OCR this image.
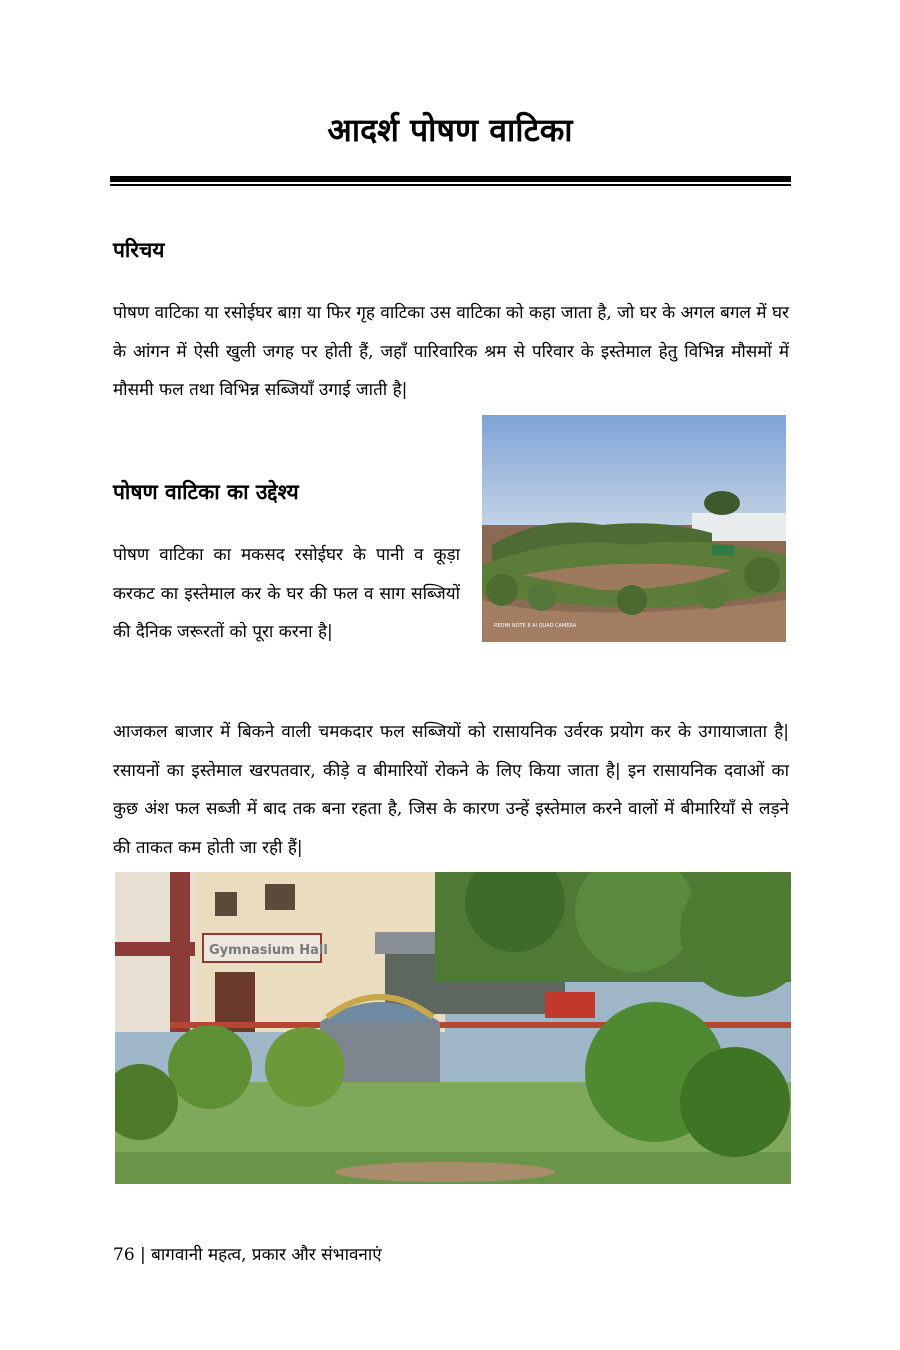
आदर्श पोषण वाटिका
परिचय

पोषण वाटिका या रसोईघर बाग़ या फिर गृह वाटिका उस वाटिका को कहा जाता है, जो घर के अगल बगल में घर के आंगन में ऐसी खुली जगह पर होती हैं, जहाँ पारिवारिक श्रम से परिवार के इस्तेमाल हेतु विभिन्न मौसमों में मौसमी फल तथा विभिन्न सब्जियाँ उगाई जाती है|

पोषण वाटिका का उद्देश्य

पोषण वाटिका का मकसद रसोईघर के पानी व कूड़ा करकट का इस्तेमाल कर के घर की फल व साग सब्जियों की दैनिक जरूरतों को पूरा करना है|	REDMI NOTE 8 AI QUAD CAMERA

आजकल बाजार में बिकने वाली चमकदार फल सब्जियों को रासायनिक उर्वरक प्रयोग कर के उगायाजाता है| रसायनों का इस्तेमाल खरपतवार, कीड़े व बीमारियों रोकने के लिए किया जाता है| इन रासायनिक दवाओं का कुछ अंश फल सब्जी में बाद तक बना रहता है, जिस के कारण उन्हें इस्तेमाल करने वालों में बीमारियाँ से लड़ने की ताकत कम होती जा रही हैं|

Gymnasium Hall
76 | बागवानी महत्व, प्रकार और संभावनाएं
